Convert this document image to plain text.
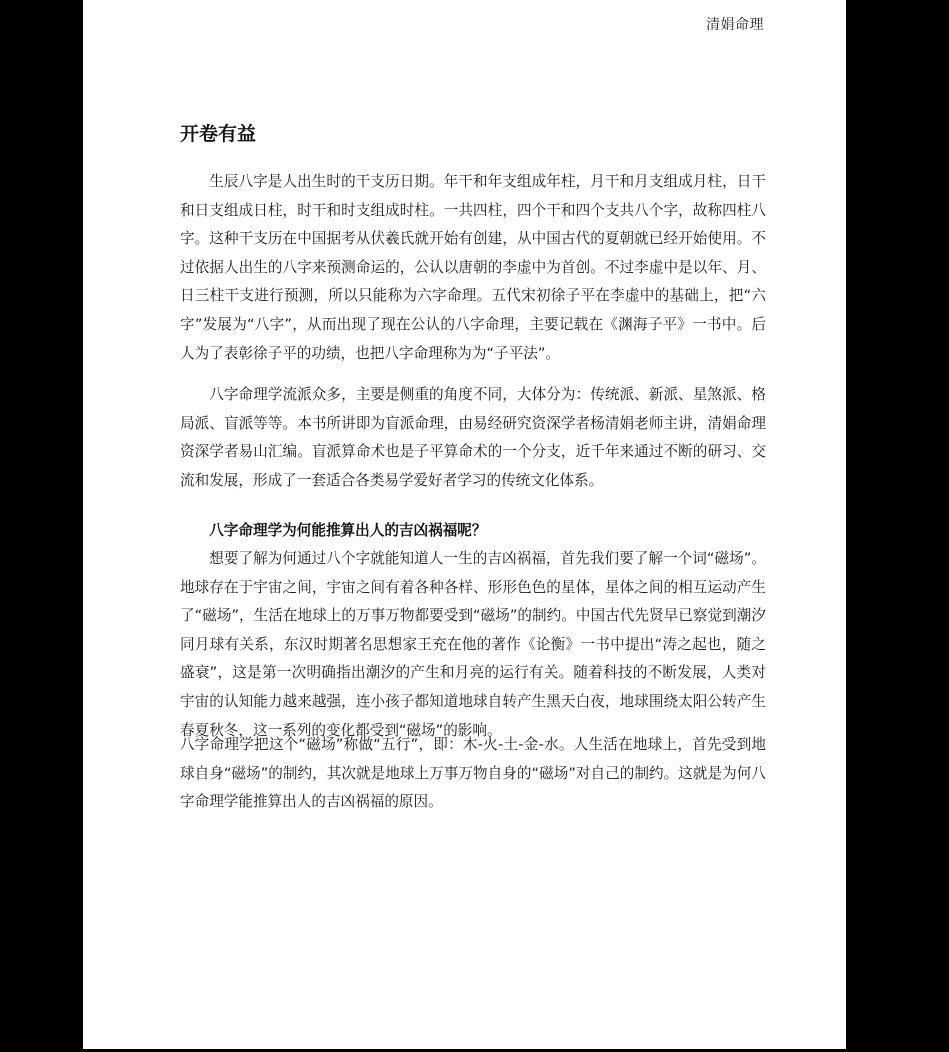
清娟命理
开卷有益

生辰八字是人出生时的干支历日期。年干和年支组成年柱，月干和月支组成月柱，日干和日支组成日柱，时干和时支组成时柱。一共四柱，四个干和四个支共八个字，故称四柱八字。这种干支历在中国据考从伏羲氏就开始有创建，从中国古代的夏朝就已经开始使用。不过依据人出生的八字来预测命运的，公认以唐朝的李虚中为首创。不过李虚中是以年、月、日三柱干支进行预测，所以只能称为六字命理。五代宋初徐子平在李虚中的基础上，把“六字”发展为“八字”，从而出现了现在公认的八字命理，主要记载在《渊海子平》一书中。后人为了表彰徐子平的功绩，也把八字命理称为为“子平法”。

八字命理学流派众多，主要是侧重的角度不同，大体分为：传统派、新派、星煞派、格局派、盲派等等。本书所讲即为盲派命理，由易经研究资深学者杨清娟老师主讲，清娟命理资深学者易山汇编。盲派算命术也是子平算命术的一个分支，近千年来通过不断的研习、交流和发展，形成了一套适合各类易学爱好者学习的传统文化体系。

八字命理学为何能推算出人的吉凶祸福呢？

想要了解为何通过八个字就能知道人一生的吉凶祸福，首先我们要了解一个词“磁场”。地球存在于宇宙之间，宇宙之间有着各种各样、形形色色的星体，星体之间的相互运动产生了“磁场”，生活在地球上的万事万物都要受到“磁场”的制约。中国古代先贤早已察觉到潮汐同月球有关系，东汉时期著名思想家王充在他的著作《论衡》一书中提出“涛之起也，随之盛衰”，这是第一次明确指出潮汐的产生和月亮的运行有关。随着科技的不断发展，人类对宇宙的认知能力越来越强，连小孩子都知道地球自转产生黑天白夜，地球围绕太阳公转产生春夏秋冬，这一系列的变化都受到“磁场”的影响。

八字命理学把这个“磁场”称做“五行”，即：木-火-土-金-水。人生活在地球上，首先受到地球自身“磁场”的制约，其次就是地球上万事万物自身的“磁场”对自己的制约。这就是为何八字命理学能推算出人的吉凶祸福的原因。
